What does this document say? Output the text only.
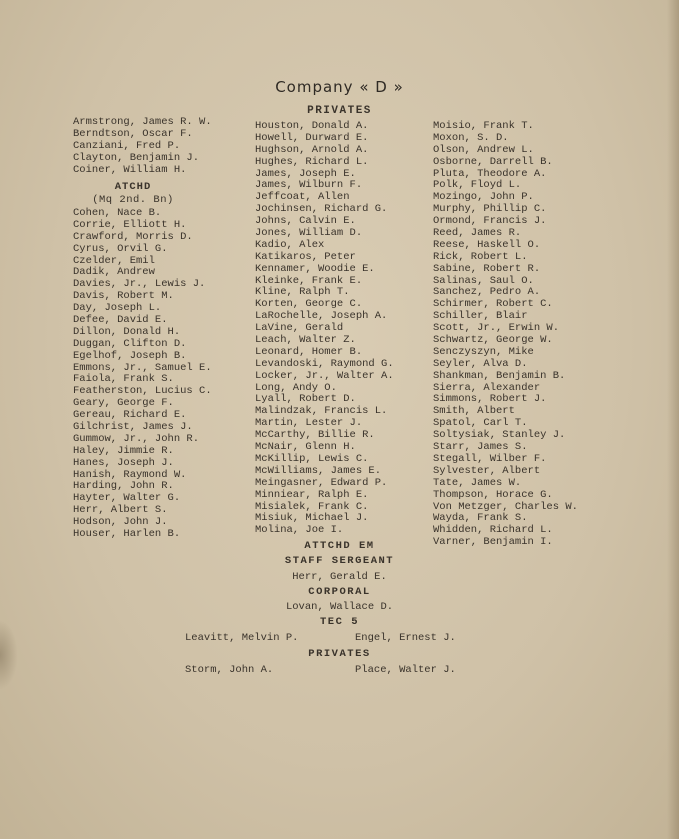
Company « D »
PRIVATES
Armstrong, James R. W.
Berndtson, Oscar F.
Canziani, Fred P.
Clayton, Benjamin J.
Coiner, William H.
ATCHD
(Mq 2nd. Bn)
Cohen, Nace B.
Corrie, Elliott H.
Crawford, Morris D.
Cyrus, Orvil G.
Czelder, Emil
Dadik, Andrew
Davies, Jr., Lewis J.
Davis, Robert M.
Day, Joseph L.
Defee, David E.
Dillon, Donald H.
Duggan, Clifton D.
Egelhof, Joseph B.
Emmons, Jr., Samuel E.
Faiola, Frank S.
Featherston, Lucius C.
Geary, George F.
Gereau, Richard E.
Gilchrist, James J.
Gummow, Jr., John R.
Haley, Jimmie R.
Hanes, Joseph J.
Hanish, Raymond W.
Harding, John R.
Hayter, Walter G.
Herr, Albert S.
Hodson, John J.
Houser, Harlen B.
Houston, Donald A.
Howell, Durward E.
Hughson, Arnold A.
Hughes, Richard L.
James, Joseph E.
James, Wilburn F.
Jeffcoat, Allen
Jochinsen, Richard G.
Johns, Calvin E.
Jones, William D.
Kadio, Alex
Katikaros, Peter
Kennamer, Woodie E.
Kleinke, Frank E.
Kline, Ralph T.
Korten, George C.
LaRochelle, Joseph A.
LaVine, Gerald
Leach, Walter Z.
Leonard, Homer B.
Levandoski, Raymond G.
Locker, Jr., Walter A.
Long, Andy O.
Lyall, Robert D.
Malindzak, Francis L.
Martin, Lester J.
McCarthy, Billie R.
McNair, Glenn H.
McKillip, Lewis C.
McWilliams, James E.
Meingasner, Edward P.
Minniear, Ralph E.
Misialek, Frank C.
Misiuk, Michael J.
Molina, Joe I.
Moisio, Frank T.
Moxon, S. D.
Olson, Andrew L.
Osborne, Darrell B.
Pluta, Theodore A.
Polk, Floyd L.
Mozingo, John P.
Murphy, Phillip C.
Ormond, Francis J.
Reed, James R.
Reese, Haskell O.
Rick, Robert L.
Sabine, Robert R.
Salinas, Saul O.
Sanchez, Pedro A.
Schirmer, Robert C.
Schiller, Blair
Scott, Jr., Erwin W.
Schwartz, George W.
Senczyszyn, Mike
Seyler, Alva D.
Shankman, Benjamin B.
Sierra, Alexander
Simmons, Robert J.
Smith, Albert
Spatol, Carl T.
Soltysiak, Stanley J.
Starr, James S.
Stegall, Wilber F.
Sylvester, Albert
Tate, James W.
Thompson, Horace G.
Von Metzger, Charles W.
Wayda, Frank S.
Whidden, Richard L.
Varner, Benjamin I.
ATTCHD EM
STAFF SERGEANT
Herr, Gerald E.
CORPORAL
Lovan, Wallace D.
TEC 5
Leavitt, Melvin P.	Engel, Ernest J.
PRIVATES
Storm, John A.	Place, Walter J.
